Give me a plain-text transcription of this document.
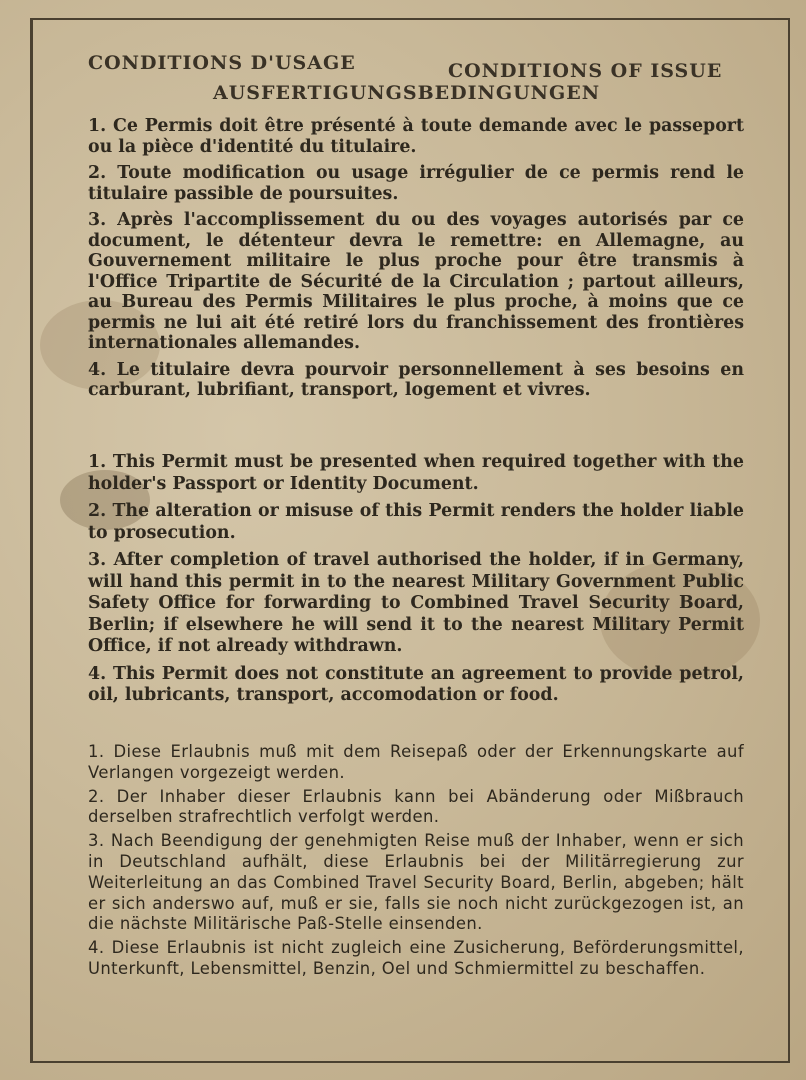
CONDITIONS D'USAGE	CONDITIONS OF ISSUE
AUSFERTIGUNGSBEDINGUNGEN

1. Ce Permis doit être présenté à toute demande avec le passeport ou la pièce d'identité du titulaire.

2. Toute modification ou usage irrégulier de ce permis rend le titulaire passible de poursuites.

3. Après l'accomplissement du ou des voyages autorisés par ce document, le détenteur devra le remettre: en Allemagne, au Gouvernement militaire le plus proche pour être transmis à l'Office Tripartite de Sécurité de la Circulation ; partout ailleurs, au Bureau des Permis Militaires le plus proche, à moins que ce permis ne lui ait été retiré lors du franchissement des frontières internationales allemandes.

4. Le titulaire devra pourvoir personnellement à ses besoins en carburant, lubrifiant, transport, logement et vivres.

1. This Permit must be presented when required together with the holder's Passport or Identity Document.

2. The alteration or misuse of this Permit renders the holder liable to prosecution.

3. After completion of travel authorised the holder, if in Germany, will hand this permit in to the nearest Military Government Public Safety Office for forwarding to Combined Travel Security Board, Berlin; if elsewhere he will send it to the nearest Military Permit Office, if not already withdrawn.

4. This Permit does not constitute an agreement to provide petrol, oil, lubricants, transport, accomodation or food.

1. Diese Erlaubnis muß mit dem Reisepaß oder der Erkennungskarte auf Verlangen vorgezeigt werden.

2. Der Inhaber dieser Erlaubnis kann bei Abänderung oder Mißbrauch derselben strafrechtlich verfolgt werden.

3. Nach Beendigung der genehmigten Reise muß der Inhaber, wenn er sich in Deutschland aufhält, diese Erlaubnis bei der Militärregierung zur Weiterleitung an das Combined Travel Security Board, Berlin, abgeben; hält er sich anderswo auf, muß er sie, falls sie noch nicht zurückgezogen ist, an die nächste Militärische Paß-Stelle einsenden.

4. Diese Erlaubnis ist nicht zugleich eine Zusicherung, Beförderungsmittel, Unterkunft, Lebensmittel, Benzin, Oel und Schmiermittel zu beschaffen.
